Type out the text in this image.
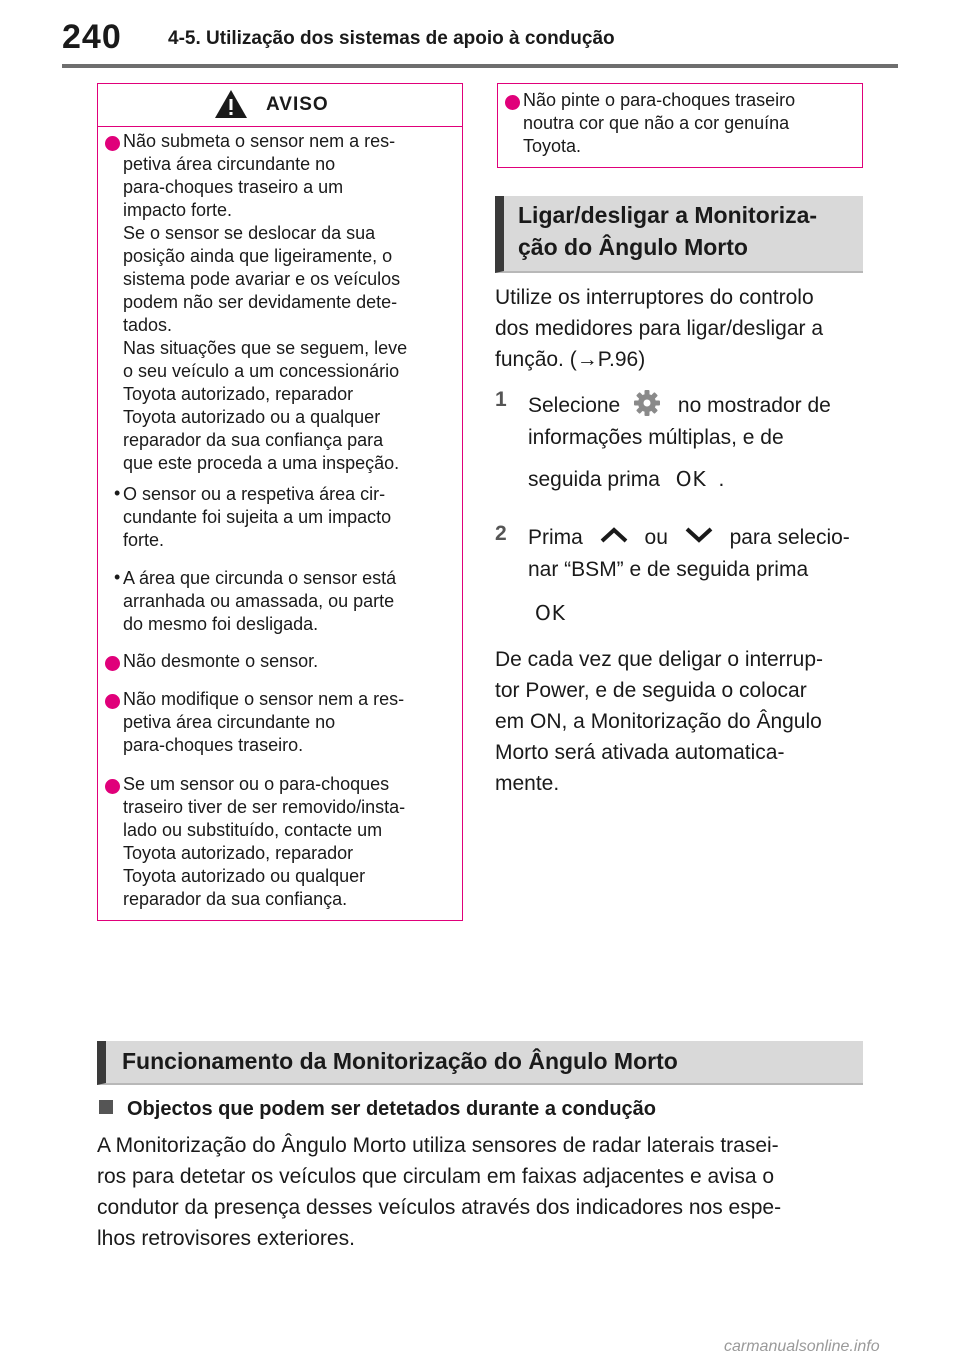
240 4-5. Utilização dos sistemas de apoio à condução
AVISO
Não submeta o sensor nem a res-
petiva área circundante no
para-choques traseiro a um
impacto forte.
Se o sensor se deslocar da sua
posição ainda que ligeiramente, o
sistema pode avariar e os veículos
podem não ser devidamente dete-
tados.
Nas situações que se seguem, leve
o seu veículo a um concessionário
Toyota autorizado, reparador
Toyota autorizado ou a qualquer
reparador da sua confiança para
que este proceda a uma inspeção.
• O sensor ou a respetiva área cir-
cundante foi sujeita a um impacto
forte.
• A área que circunda o sensor está
arranhada ou amassada, ou parte
do mesmo foi desligada.
Não desmonte o sensor.
Não modifique o sensor nem a res-
petiva área circundante no
para-choques traseiro.
Se um sensor ou o para-choques
traseiro tiver de ser removido/insta-
lado ou substituído, contacte um
Toyota autorizado, reparador
Toyota autorizado ou qualquer
reparador da sua confiança.
Não pinte o para-choques traseiro
noutra cor que não a cor genuína
Toyota.
Ligar/desligar a Monitoriza-
ção do Ângulo Morto
Utilize os interruptores do controlo
dos medidores para ligar/desligar a
função. (→P.96)
1 Selecione	no mostrador de
informações múltiplas, e de
seguida prima OK .
2 Prima	ou	para selecio-
nar “BSM” e de seguida prima
OK
De cada vez que deligar o interrup-
tor Power, e de seguida o colocar
em ON, a Monitorização do Ângulo
Morto será ativada automatica-
mente.
Funcionamento da Monitorização do Ângulo Morto
Objectos que podem ser detetados durante a condução
A Monitorização do Ângulo Morto utiliza sensores de radar laterais trasei-
ros para detetar os veículos que circulam em faixas adjacentes e avisa o
condutor da presença desses veículos através dos indicadores nos espe-
lhos retrovisores exteriores.
carmanualsonline.info
